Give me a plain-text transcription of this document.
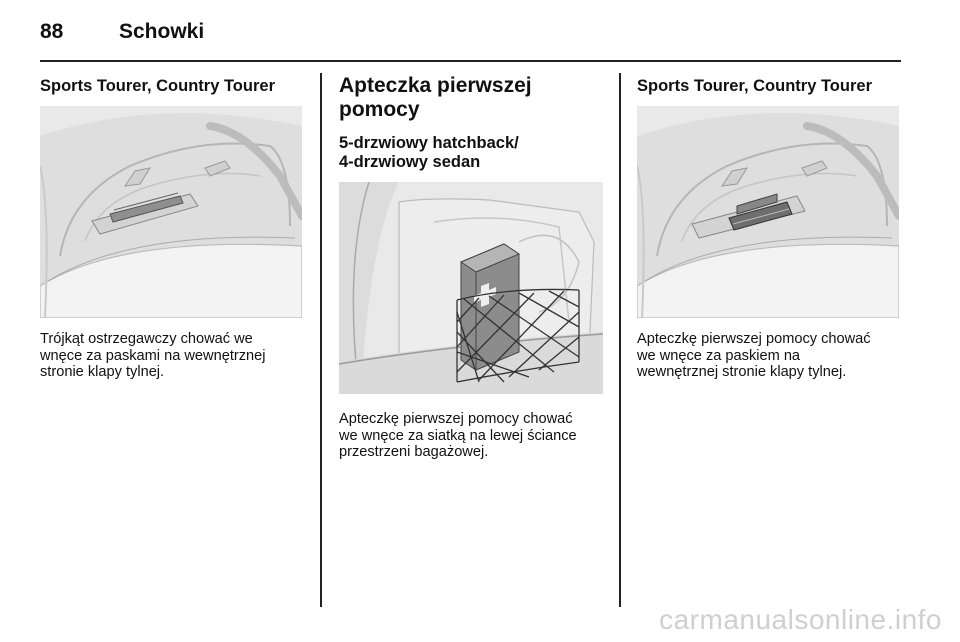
88	Schowki

Sports Tourer, Country Tourer

Trójkąt ostrzegawczy chować we
wnęce za paskami na wewnętrznej
stronie klapy tylnej.

Apteczka pierwszej
pomocy

5-drzwiowy hatchback/
4-drzwiowy sedan

Apteczkę pierwszej pomocy chować
we wnęce za siatką na lewej ściance
przestrzeni bagażowej.

Sports Tourer, Country Tourer

Apteczkę pierwszej pomocy chować
we wnęce za paskiem na
wewnętrznej stronie klapy tylnej.

carmanualsonline.info
